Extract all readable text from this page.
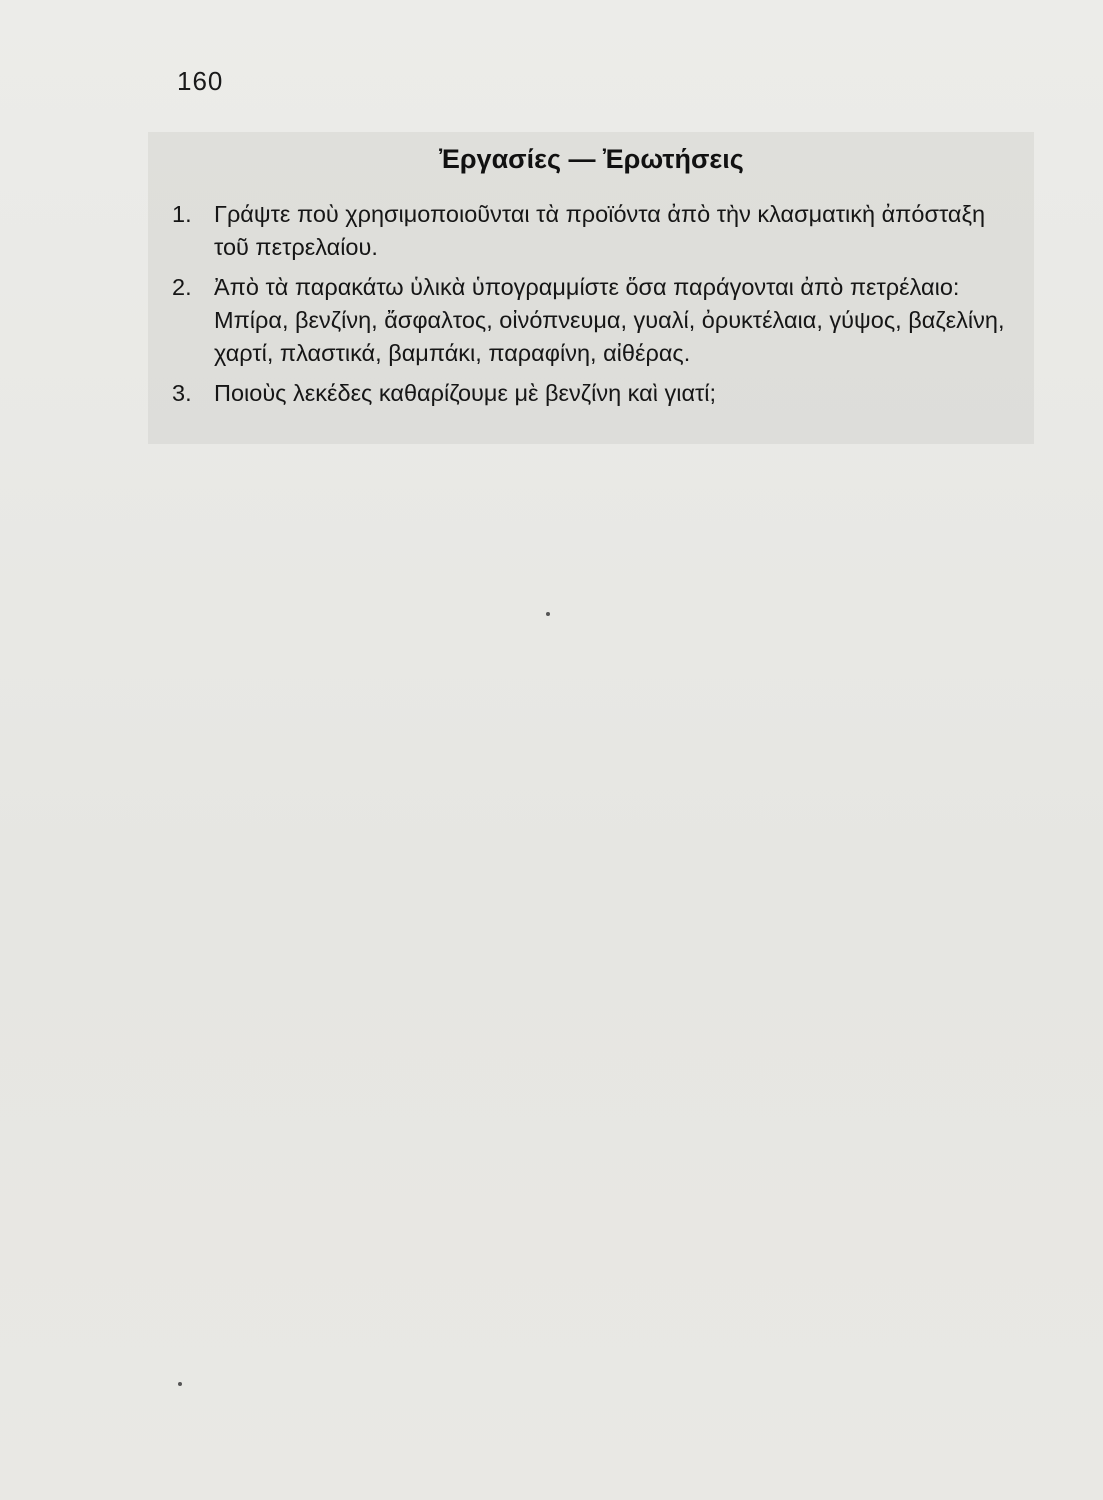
160
Ἐργασίες — Ἐρωτήσεις
1. Γράψτε ποὺ χρησιμοποιοῦνται τὰ προϊόντα ἀπὸ τὴν κλασματικὴ ἀπόσταξη τοῦ πετρελαίου.
2. Ἀπὸ τὰ παρακάτω ὑλικὰ ὑπογραμμίστε ὅσα παράγονται ἀπὸ πετρέλαιο: Μπίρα, βενζίνη, ἄσφαλτος, οἰνόπνευμα, γυαλί, ὀρυκτέλαια, γύψος, βαζελίνη, χαρτί, πλαστικά, βαμπάκι, παραφίνη, αἰθέρας.
3. Ποιοὺς λεκέδες καθαρίζουμε μὲ βενζίνη καὶ γιατί;
